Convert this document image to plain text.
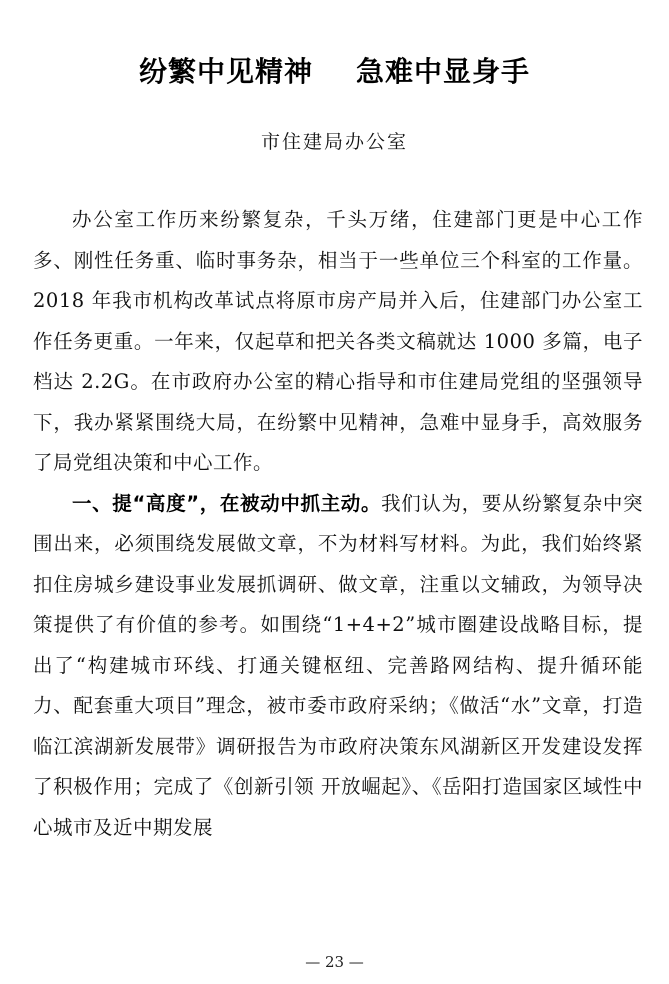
纷繁中见精神    急难中显身手
市住建局办公室

办公室工作历来纷繁复杂，千头万绪，住建部门更是中心工作多、刚性任务重、临时事务杂，相当于一些单位三个科室的工作量。2018 年我市机构改革试点将原市房产局并入后，住建部门办公室工作任务更重。一年来，仅起草和把关各类文稿就达 1000 多篇，电子档达 2.2G。在市政府办公室的精心指导和市住建局党组的坚强领导下，我办紧紧围绕大局，在纷繁中见精神，急难中显身手，高效服务了局党组决策和中心工作。

一、提“高度”，在被动中抓主动。我们认为，要从纷繁复杂中突围出来，必须围绕发展做文章，不为材料写材料。为此，我们始终紧扣住房城乡建设事业发展抓调研、做文章，注重以文辅政，为领导决策提供了有价值的参考。如围绕“1+4+2”城市圈建设战略目标，提出了“构建城市环线、打通关键枢纽、完善路网结构、提升循环能力、配套重大项目”理念，被市委市政府采纳；《做活“水”文章，打造临江滨湖新发展带》调研报告为市政府决策东风湖新区开发建设发挥了积极作用；完成了《创新引领 开放崛起》、《岳阳打造国家区域性中心城市及近中期发展

— 23 —
